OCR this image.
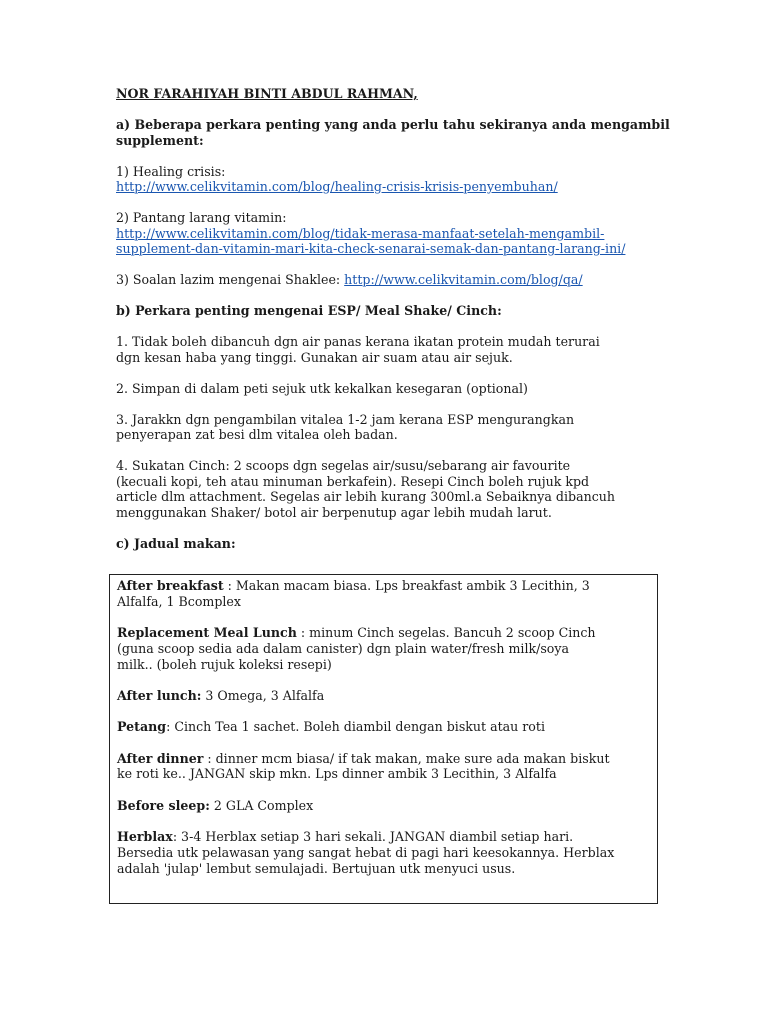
NOR FARAHIYAH BINTI ABDUL RAHMAN,

a) Beberapa perkara penting yang anda perlu tahu sekiranya anda mengambil
supplement:

1) Healing crisis:
http://www.celikvitamin.com/blog/healing-crisis-krisis-penyembuhan/

2) Pantang larang vitamin:
http://www.celikvitamin.com/blog/tidak-merasa-manfaat-setelah-mengambil-
supplement-dan-vitamin-mari-kita-check-senarai-semak-dan-pantang-larang-ini/

3) Soalan lazim mengenai Shaklee: http://www.celikvitamin.com/blog/qa/

b) Perkara penting mengenai ESP/ Meal Shake/ Cinch:

1. Tidak boleh dibancuh dgn air panas kerana ikatan protein mudah terurai
dgn kesan haba yang tinggi. Gunakan air suam atau air sejuk.

2. Simpan di dalam peti sejuk utk kekalkan kesegaran (optional)

3. Jarakkn dgn pengambilan vitalea 1-2 jam kerana ESP mengurangkan
penyerapan zat besi dlm vitalea oleh badan.

4. Sukatan Cinch: 2 scoops dgn segelas air/susu/sebarang air favourite
(kecuali kopi, teh atau minuman berkafein). Resepi Cinch boleh rujuk kpd
article dlm attachment. Segelas air lebih kurang 300ml.a Sebaiknya dibancuh
menggunakan Shaker/ botol air berpenutup agar lebih mudah larut.

c) Jadual makan:

After breakfast : Makan macam biasa. Lps breakfast ambik 3 Lecithin, 3
Alfalfa, 1 Bcomplex

Replacement Meal Lunch : minum Cinch segelas. Bancuh 2 scoop Cinch
(guna scoop sedia ada dalam canister) dgn plain water/fresh milk/soya
milk.. (boleh rujuk koleksi resepi)

After lunch: 3 Omega, 3 Alfalfa

Petang: Cinch Tea 1 sachet. Boleh diambil dengan biskut atau roti

After dinner : dinner mcm biasa/ if tak makan, make sure ada makan biskut
ke roti ke.. JANGAN skip mkn. Lps dinner ambik 3 Lecithin, 3 Alfalfa

Before sleep: 2 GLA Complex

Herblax: 3-4 Herblax setiap 3 hari sekali. JANGAN diambil setiap hari.
Bersedia utk pelawasan yang sangat hebat di pagi hari keesokannya. Herblax
adalah 'julap' lembut semulajadi. Bertujuan utk menyuci usus.
